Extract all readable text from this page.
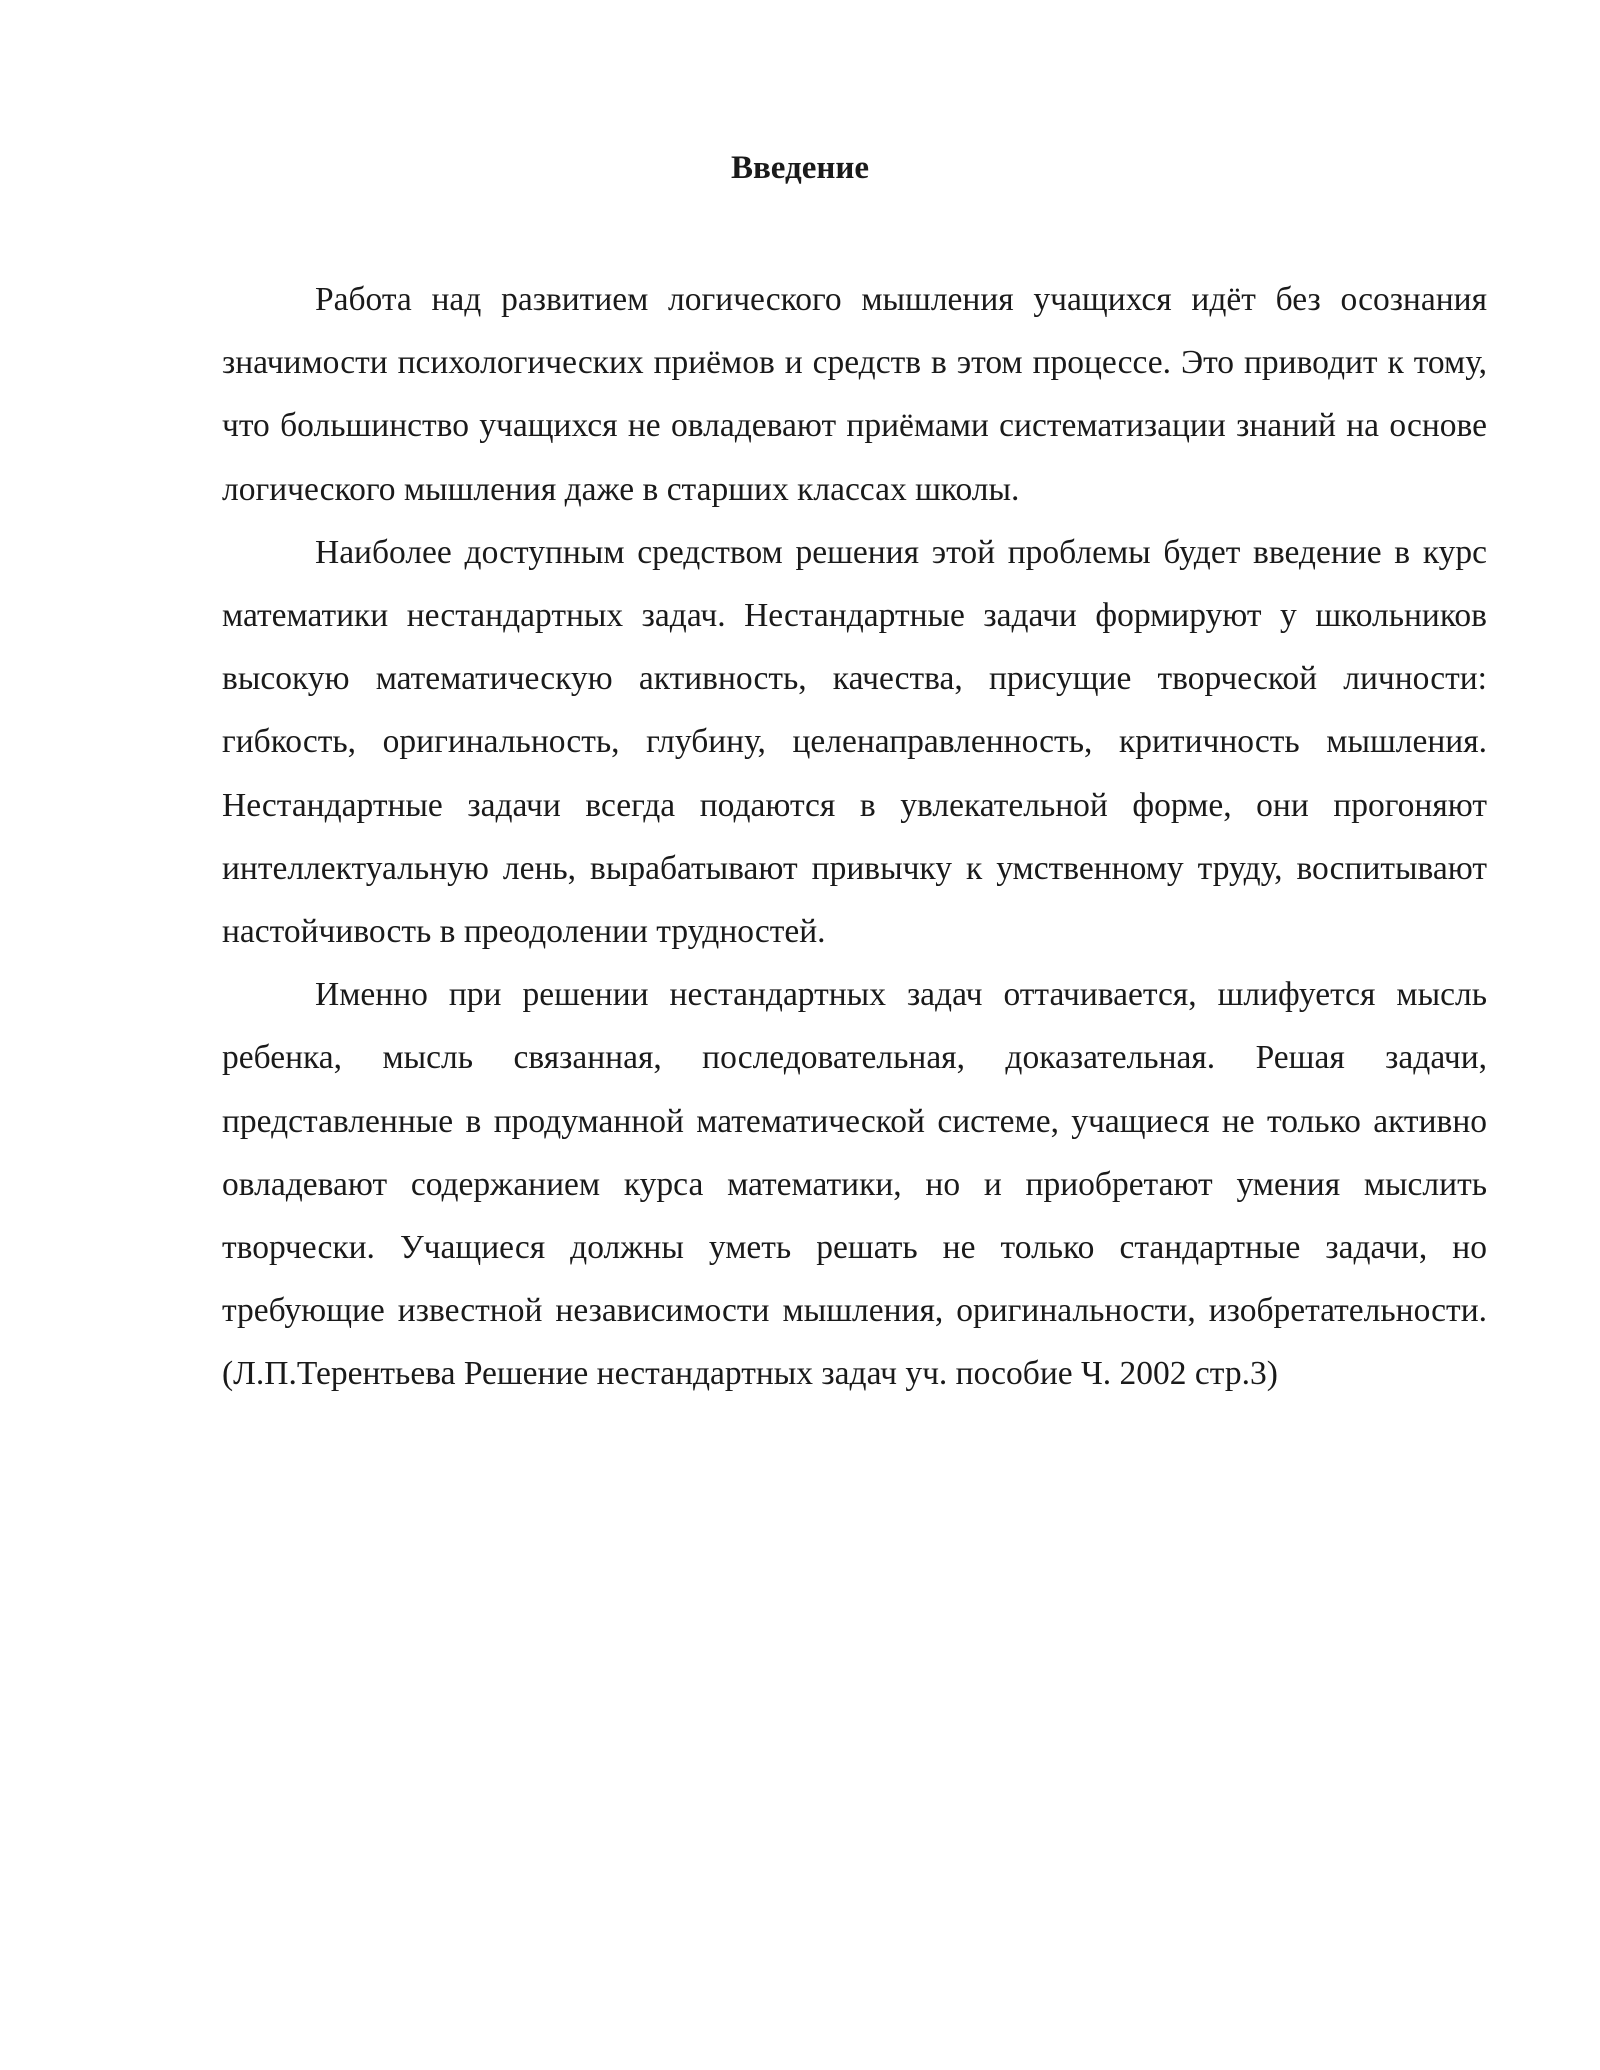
Введение

Работа над развитием логического мышления учащихся идёт без осознания значимости психологических приёмов и средств в этом процессе. Это приводит к тому, что большинство учащихся не овладевают приёмами систематизации знаний на основе логического мышления даже в старших классах школы.

Наиболее доступным средством решения этой проблемы будет введение в курс математики нестандартных задач. Нестандартные задачи формируют у школьников высокую математическую активность, качества, присущие творческой личности: гибкость, оригинальность, глубину, целенаправленность, критичность мышления. Нестандартные задачи всегда подаются в увлекательной форме, они прогоняют интеллектуальную лень, вырабатывают привычку к умственному труду, воспитывают настойчивость в преодолении трудностей.

Именно при решении нестандартных задач оттачивается, шлифуется мысль ребенка, мысль связанная, последовательная, доказательная. Решая задачи, представленные в продуманной математической системе, учащиеся не только активно овладевают содержанием курса математики, но и приобретают умения мыслить творчески. Учащиеся должны уметь решать не только стандартные задачи, но требующие известной независимости мышления, оригинальности, изобретательности. (Л.П.Терентьева Решение нестандартных задач уч. пособие Ч. 2002 стр.3)
